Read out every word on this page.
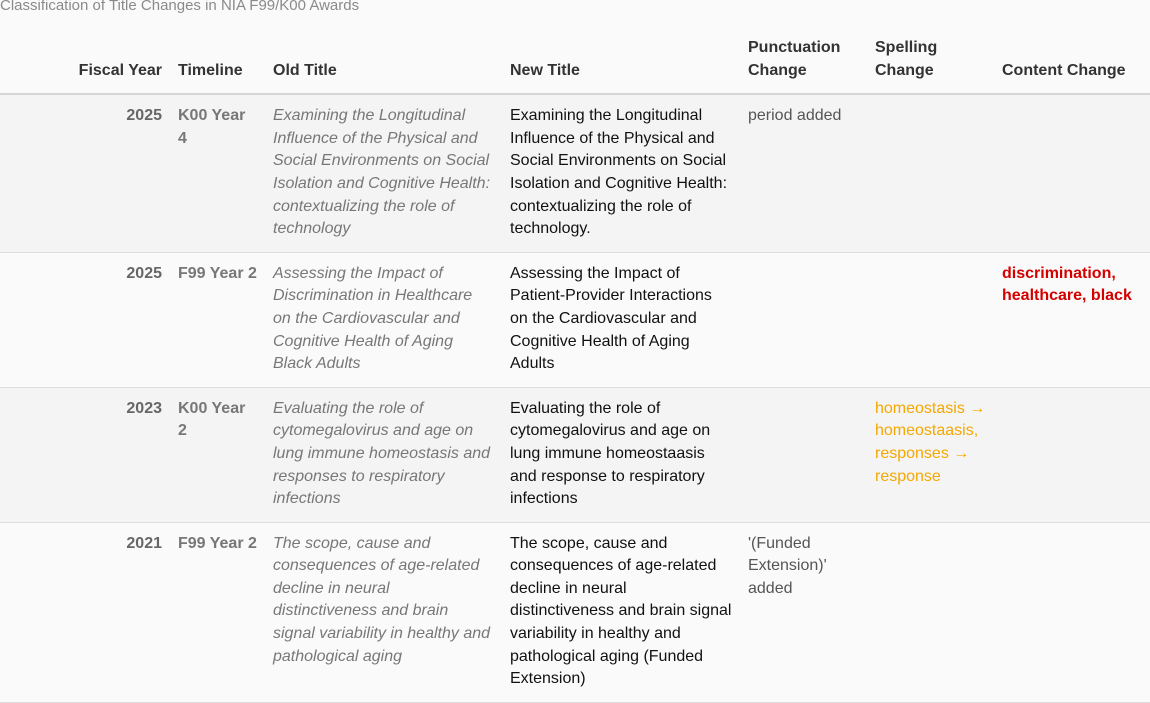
Classification of Title Changes in NIA F99/K00 Awards
Fiscal Year	Timeline	Old Title	New Title	Punctuation Change	Spelling Change	Content Change
2025	K00 Year 4	Examining the Longitudinal Influence of the Physical and Social Environments on Social Isolation and Cognitive Health: contextualizing the role of technology	Examining the Longitudinal Influence of the Physical and Social Environments on Social Isolation and Cognitive Health: contextualizing the role of technology.	period added		
2025	F99 Year 2	Assessing the Impact of Discrimination in Healthcare on the Cardiovascular and Cognitive Health of Aging Black Adults	Assessing the Impact of Patient-Provider Interactions on the Cardiovascular and Cognitive Health of Aging Adults			discrimination, healthcare, black
2023	K00 Year 2	Evaluating the role of cytomegalovirus and age on lung immune homeostasis and responses to respiratory infections	Evaluating the role of cytomegalovirus and age on lung immune homeostaasis and response to respiratory infections		homeostasis → homeostaasis, responses → response	
2021	F99 Year 2	The scope, cause and consequences of age-related decline in neural distinctiveness and brain signal variability in healthy and pathological aging	The scope, cause and consequences of age-related decline in neural distinctiveness and brain signal variability in healthy and pathological aging (Funded Extension)	'(Funded Extension)' added		
